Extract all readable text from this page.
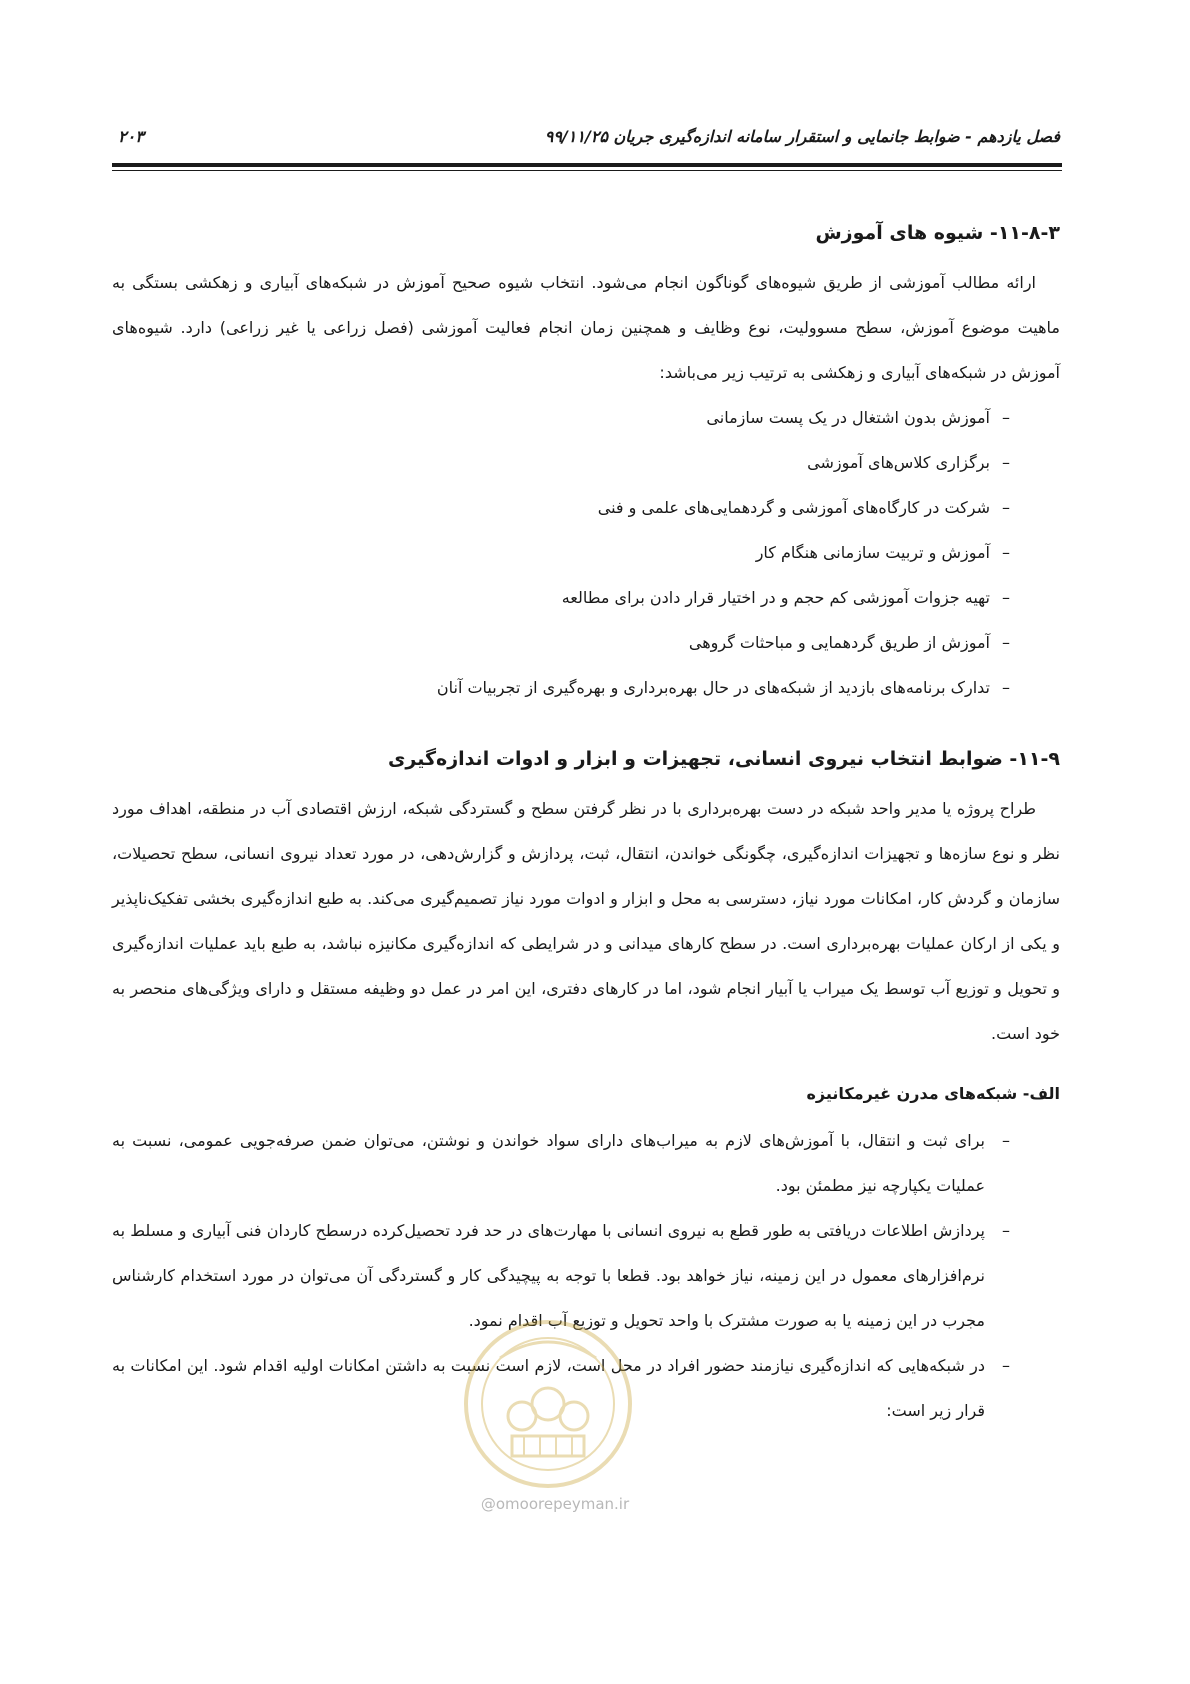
فصل یازدهم - ضوابط جانمایی و استقرار سامانه اندازه‌گیری جریان ۹۹/۱۱/۲۵
۲۰۳
۱۱-۸-۳- شیوه های آموزش

ارائه مطالب آموزشی از طریق شیوه‌های گوناگون انجام می‌شود. انتخاب شیوه صحیح آموزش در شبکه‌های آبیاری و زهکشی بستگی به ماهیت موضوع آموزش، سطح مسوولیت، نوع وظایف و همچنین زمان انجام فعالیت آموزشی (فصل زراعی یا غیر زراعی) دارد. شیوه‌های آموزش در شبکه‌های آبیاری و زهکشی به ترتیب زیر می‌باشد:

– آموزش بدون اشتغال در یک پست سازمانی
– برگزاری کلاس‌های آموزشی
– شرکت در کارگاه‌های آموزشی و گردهمایی‌های علمی و فنی
– آموزش و تربیت سازمانی هنگام کار
– تهیه جزوات آموزشی کم حجم و در اختیار قرار دادن برای مطالعه
– آموزش از طریق گردهمایی و مباحثات گروهی
– تدارک برنامه‌های بازدید از شبکه‌های در حال بهره‌برداری و بهره‌گیری از تجربیات آنان
۱۱-۹- ضوابط انتخاب نیروی انسانی، تجهیزات و ابزار و ادوات اندازه‌گیری

طراح پروژه یا مدیر واحد شبکه در دست بهره‌برداری با در نظر گرفتن سطح و گستردگی شبکه، ارزش اقتصادی آب در منطقه، اهداف مورد نظر و نوع سازه‌ها و تجهیزات اندازه‌گیری، چگونگی خواندن، انتقال، ثبت، پردازش و گزارش‌دهی، در مورد تعداد نیروی انسانی، سطح تحصیلات، سازمان و گردش کار، امکانات مورد نیاز، دسترسی به محل و ابزار و ادوات مورد نیاز تصمیم‌گیری می‌کند. به طبع اندازه‌گیری بخشی تفکیک‌ناپذیر و یکی از ارکان عملیات بهره‌برداری است. در سطح کارهای میدانی و در شرایطی که اندازه‌گیری مکانیزه نباشد، به طبع باید عملیات اندازه‌گیری و تحویل و توزیع آب توسط یک میراب یا آبیار انجام شود، اما در کارهای دفتری، این امر در عمل دو وظیفه مستقل و دارای ویژگی‌های منحصر به خود است.

الف- شبکه‌های مدرن غیرمکانیزه
– برای ثبت و انتقال، با آموزش‌های لازم به میراب‌های دارای سواد خواندن و نوشتن، می‌توان ضمن صرفه‌جویی عمومی، نسبت به عملیات یکپارچه نیز مطمئن بود.
– پردازش اطلاعات دریافتی به طور قطع به نیروی انسانی با مهارت‌های در حد فرد تحصیل‌کرده درسطح کاردان فنی آبیاری و مسلط به نرم‌افزارهای معمول در این زمینه، نیاز خواهد بود. قطعا با توجه به پیچیدگی کار و گستردگی آن می‌توان در مورد استخدام کارشناس مجرب در این زمینه یا به صورت مشترک با واحد تحویل و توزیع آب اقدام نمود.
– در شبکه‌هایی که اندازه‌گیری نیازمند حضور افراد در محل است، لازم است نسبت به داشتن امکانات اولیه اقدام شود. این امکانات به قرار زیر است:
@omoorepeyman.ir
